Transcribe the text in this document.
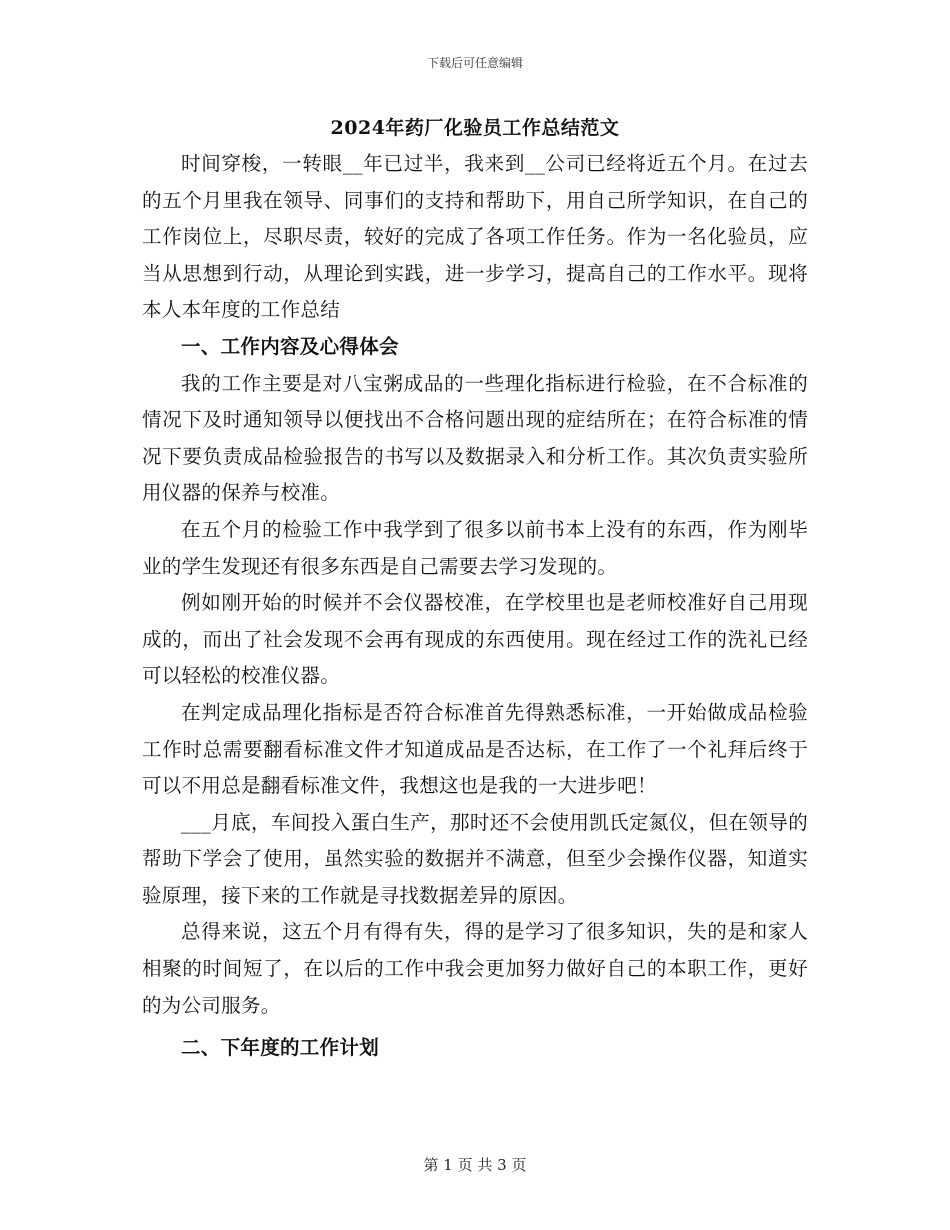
下载后可任意编辑
2024年药厂化验员工作总结范文

时间穿梭，一转眼__年已过半，我来到__公司已经将近五个月。在过去的五个月里我在领导、同事们的支持和帮助下，用自己所学知识，在自己的工作岗位上，尽职尽责，较好的完成了各项工作任务。作为一名化验员，应当从思想到行动，从理论到实践，进一步学习，提高自己的工作水平。现将本人本年度的工作总结

一、工作内容及心得体会

我的工作主要是对八宝粥成品的一些理化指标进行检验，在不合标准的情况下及时通知领导以便找出不合格问题出现的症结所在；在符合标准的情况下要负责成品检验报告的书写以及数据录入和分析工作。其次负责实验所用仪器的保养与校准。

在五个月的检验工作中我学到了很多以前书本上没有的东西，作为刚毕业的学生发现还有很多东西是自己需要去学习发现的。

例如刚开始的时候并不会仪器校准，在学校里也是老师校准好自己用现成的，而出了社会发现不会再有现成的东西使用。现在经过工作的洗礼已经可以轻松的校准仪器。

在判定成品理化指标是否符合标准首先得熟悉标准，一开始做成品检验工作时总需要翻看标准文件才知道成品是否达标，在工作了一个礼拜后终于可以不用总是翻看标准文件，我想这也是我的一大进步吧！

___月底，车间投入蛋白生产，那时还不会使用凯氏定氮仪，但在领导的帮助下学会了使用，虽然实验的数据并不满意，但至少会操作仪器，知道实验原理，接下来的工作就是寻找数据差异的原因。

总得来说，这五个月有得有失，得的是学习了很多知识，失的是和家人相聚的时间短了，在以后的工作中我会更加努力做好自己的本职工作，更好的为公司服务。

二、下年度的工作计划

第 1 页 共 3 页
